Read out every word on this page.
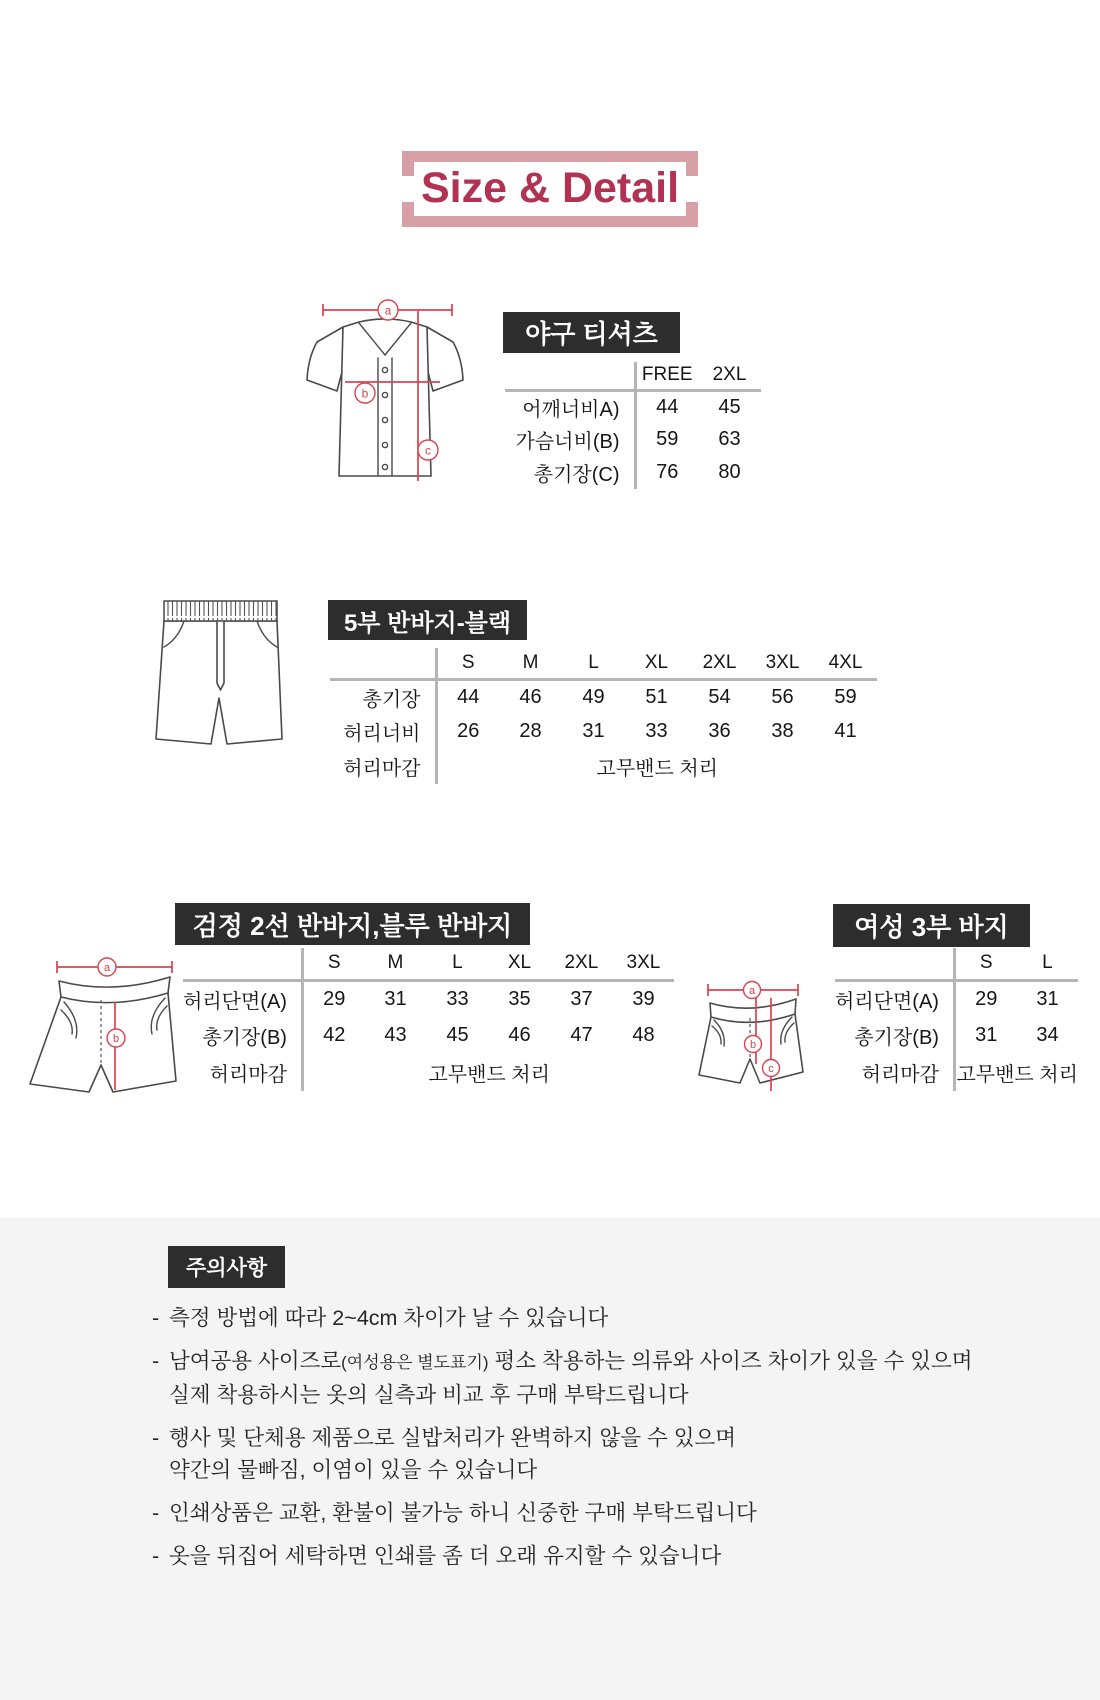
Size & Detail
a
b
c
야구 티셔츠
	FREE	2XL
어깨너비A)	44	45
가슴너비(B)	59	63
총기장(C)	76	80
5부 반바지-블랙
	S	M	L	XL	2XL	3XL	4XL
총기장	44	46	49	51	54	56	59
허리너비	26	28	31	33	36	38	41
허리마감	고무밴드 처리						
a
b
검정 2선 반바지,블루 반바지
	S	M	L	XL	2XL	3XL
허리단면(A)	29	31	33	35	37	39
총기장(B)	42	43	45	46	47	48
허리마감	고무밴드 처리					
a
b
c
여성 3부 바지
	S	L
허리단면(A)	29	31
총기장(B)	31	34
허리마감	고무밴드 처리	
주의사항
- 측정 방법에 따라 2~4cm 차이가 날 수 있습니다
- 남여공용 사이즈로(여성용은 별도표기) 평소 착용하는 의류와 사이즈 차이가 있을 수 있으며
실제 착용하시는 옷의 실측과 비교 후 구매 부탁드립니다
- 행사 및 단체용 제품으로 실밥처리가 완벽하지 않을 수 있으며
약간의 물빠짐, 이염이 있을 수 있습니다
- 인쇄상품은 교환, 환불이 불가능 하니 신중한 구매 부탁드립니다
- 옷을 뒤집어 세탁하면 인쇄를 좀 더 오래 유지할 수 있습니다
